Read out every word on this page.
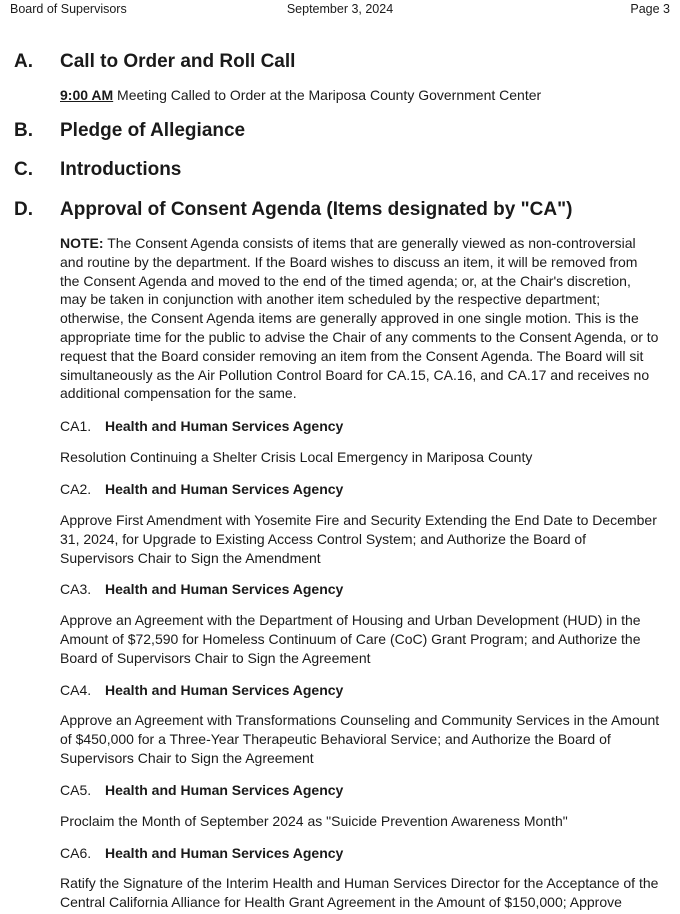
Board of Supervisors	September 3, 2024	Page 3
A. Call to Order and Roll Call

9:00 AM Meeting Called to Order at the Mariposa County Government Center

B. Pledge of Allegiance
C. Introductions
D. Approval of Consent Agenda (Items designated by "CA")

NOTE: The Consent Agenda consists of items that are generally viewed as non-controversial and routine by the department. If the Board wishes to discuss an item, it will be removed from the Consent Agenda and moved to the end of the timed agenda; or, at the Chair's discretion, may be taken in conjunction with another item scheduled by the respective department; otherwise, the Consent Agenda items are generally approved in one single motion. This is the appropriate time for the public to advise the Chair of any comments to the Consent Agenda, or to request that the Board consider removing an item from the Consent Agenda. The Board will sit simultaneously as the Air Pollution Control Board for CA.15, CA.16, and CA.17 and receives no additional compensation for the same.

CA1. Health and Human Services Agency

Resolution Continuing a Shelter Crisis Local Emergency in Mariposa County

CA2. Health and Human Services Agency

Approve First Amendment with Yosemite Fire and Security Extending the End Date to December 31, 2024, for Upgrade to Existing Access Control System; and Authorize the Board of Supervisors Chair to Sign the Amendment

CA3. Health and Human Services Agency

Approve an Agreement with the Department of Housing and Urban Development (HUD) in the Amount of $72,590 for Homeless Continuum of Care (CoC) Grant Program; and Authorize the Board of Supervisors Chair to Sign the Agreement

CA4. Health and Human Services Agency

Approve an Agreement with Transformations Counseling and Community Services in the Amount of $450,000 for a Three-Year Therapeutic Behavioral Service; and Authorize the Board of Supervisors Chair to Sign the Agreement

CA5. Health and Human Services Agency

Proclaim the Month of September 2024 as "Suicide Prevention Awareness Month"

CA6. Health and Human Services Agency

Ratify the Signature of the Interim Health and Human Services Director for the Acceptance of the Central California Alliance for Health Grant Agreement in the Amount of $150,000; Approve
